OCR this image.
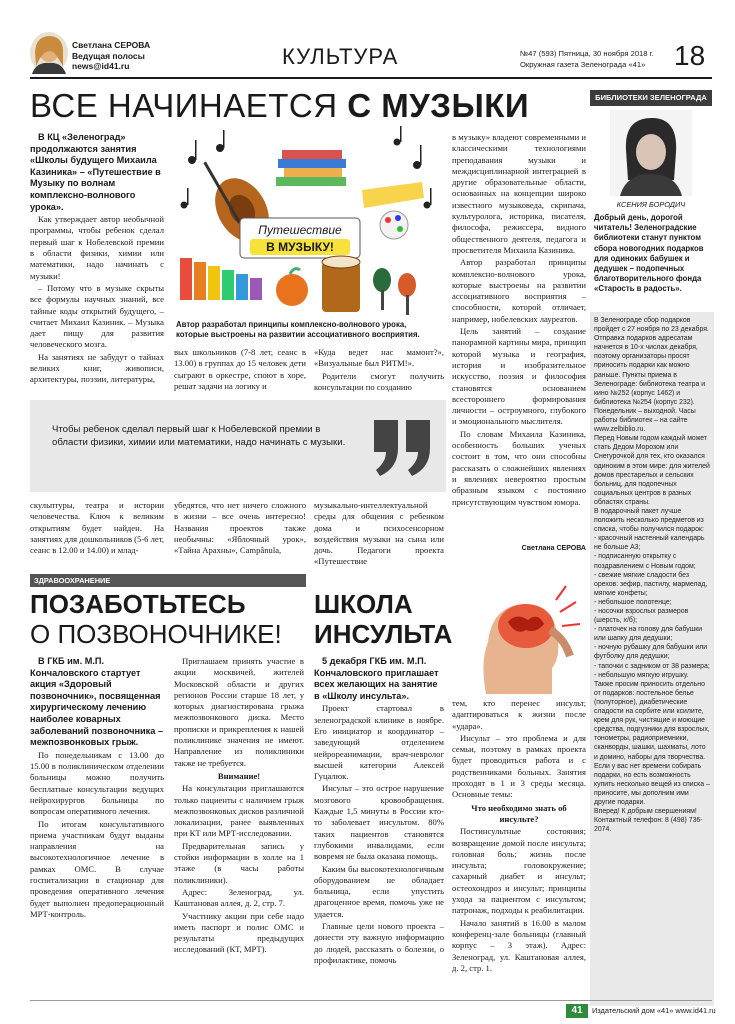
Светлана СЕРОВА
Ведущая полосы
news@id41.ru	КУЛЬТУРА	№47 (593) Пятница, 30 ноября 2018 г.
Окружная газета Зеленограда «41»	18
ВСЕ НАЧИНАЕТСЯ С МУЗЫКИ

В КЦ «Зеленоград» продолжаются занятия «Школы будущего Михаила Казиника» – «Путешествие в Музыку по волнам комплексно-волнового урока».

Как утверждает автор необычной программы, чтобы ребенок сделал первый шаг к Нобелевской премии в области физики, химии или математики, надо начинать с музыки!

– Потому что в музыке скрыты все формулы научных знаний, все тайные коды открытий будущего, – считает Михаил Казиник. – Музыка дает пищу для развития человеческого мозга.

На занятиях не забудут о тайнах великих книг, живописи, архитектуры, поэзии, литературы,

Путешествие
В МУЗЫКУ!
Автор разработал принципы комплексно-волнового урока, которые выстроены на развитии ассоциативного восприятия.
вых школьников (7-8 лет, сеанс в 13.00) в группах до 15 человек дети сыграют в оркестре, споют в хоре, решат задачи на логику и

«Куда ведет нас мамонт?», «Визуальные был РИТМ!».

Родители смогут получить консультации по созданию

в музыку» владеют современными и классическими технологиями преподавания музыки и междисциплинарной интеграцией в другие образовательные области, основанных на концепции широко известного музыковеда, скрипача, культуролога, историка, писателя, философа, режиссера, видного общественного деятеля, педагога и просветителя Михаила Казиника.

Автор разработал принципы комплексно-волнового урока, которые выстроены на развитии ассоциативного восприятия – способности, которой отличает, например, нобелевских лауреатов.

Цель занятий – создание панорамной картины мира, принцип которой музыка и география, история и изобразительное искусство, поэзия и философия становятся основанием всестороннего формирования личности – остроумного, глубокого и эмоционального мыслителя.

По словам Михаила Казиника, особенность больших ученых состоит в том, что они способны рассказать о сложнейших явлениях и явлениях невероятно простым образным языком с постоянно присутствующим чувством юмора.

Чтобы ребенок сделал первый шаг к Нобелевской премии в области физики, химии или математики, надо начинать с музыки.
скульптуры, театра и истории человечества. Ключ к великим открытиям будет найден. На занятиях для дошкольников (5-6 лет, сеанс в 12.00 и 14.00) и млад-
убедятся, что нет ничего сложного в жизни – все очень интересно! Названия проектов также необычны: «Яблочный урок», «Тайна Арахны», Campânula,
музыкально-интеллектуальной среды для общения с ребенком дома и психосенсорном воздействия музыки на сына или дочь. Педагоги проекта «Путешествие
Светлана СЕРОВА
БИБЛИОТЕКИ ЗЕЛЕНОГРАДА
КСЕНИЯ БОРОДИЧ
Добрый день, дорогой читатель! Зеленоградские библиотеки станут пунктом сбора новогодних подарков для одиноких бабушек и дедушек – подопечных благотворительного фонда «Старость в радость».
В Зеленограде сбор подарков пройдет с 27 ноября по 23 декабря. Отправка подарков адресатам начнется в 10-х числах декабря, поэтому организаторы просят приносить подарки как можно раньше. Пункты приема в Зеленограде: библиотека театра и кино №252 (корпус 1462) и библиотека №254 (корпус 232). Понедельник – выходной. Часы работы библиотек – на сайте www.zelbiblio.ru.
Перед Новым годом каждый может стать Дедом Морозом или Снегурочкой для тех, кто оказался одиноким в этом мире: для жителей домов престарелых и сельских больниц, для подопечных социальных центров в разных областях страны.
В подарочный пакет лучше положить несколько предметов из списка, чтобы получился подарок:
- красочный настенный календарь не больше А3;
- подписанную открытку с поздравлением с Новым годом;
- свежие мягкие сладости без орехов: зефир, пастилу, мармелад, мягкие конфеты;
- небольшое полотенце;
- носочки взрослых размеров (шерсть, х/б);
- платочек на голову для бабушки или шапку для дедушки;
- ночную рубашку для бабушки или футболку для дедушки;
- тапочки с задником от 38 размера;
- небольшую мягкую игрушку.
Также просим приносить отдельно от подарков: постельное белье (полуторное), диабетические сладости на сорбите или ксилите, крем для рук, чистящие и моющие средства, подгузники для взрослых, тонометры, радиоприемники, сканворды, шашки, шахматы, лото и домино, наборы для творчества.
Если у вас нет времени собирать подарки, но есть возможность купить несколько вещей из списка – приносите, мы дополним ими другие подарки.
Вперед! К добрым свершениям!
Контактный телефон: 8 (498) 736-2074.
ЗДРАВООХРАНЕНИЕ
ПОЗАБОТЬТЕСЬ
О ПОЗВОНОЧНИКЕ!

В ГКБ им. М.П. Кончаловского стартует акция «Здоровый позвоночник», посвященная хирургическому лечению наиболее коварных заболеваний позвоночника – межпозвонковых грыж.

По понедельникам с 13.00 до 15.00 в поликлиническом отделении больницы можно получить бесплатные консультации ведущих нейрохирургов больницы по вопросам оперативного лечения.

По итогам консультативного приема участникам будут выданы направления на высокотехнологичное лечение в рамках ОМС. В случае госпитализации в стационар для проведения оперативного лечения будет выполнен предоперационный МРТ-контроль.

Приглашаем принять участие в акции москвичей, жителей Московской области и других регионов России старше 18 лет, у которых диагностирована грыжа межпозвонкового диска. Место прописки и прикрепления к нашей поликлинике значения не имеют. Направление из поликлиники также не требуется.

Внимание!

На консультации приглашаются только пациенты с наличием грыж межпозвонковых дисков различной локализации, ранее выявленных при КТ или МРТ-исследовании.

Предварительная запись у стойки информации в холле на 1 этаже (в часы работы поликлиники).

Адрес: Зеленоград, ул. Каштановая аллея, д. 2, стр. 7.

Участнику акции при себе надо иметь паспорт и полис ОМС и результаты предыдущих исследований (КТ, МРТ).

ШКОЛА
ИНСУЛЬТА

5 декабря ГКБ им. М.П. Кончаловского приглашает всех желающих на занятие в «Школу инсульта».

Проект стартовал в зеленоградской клинике в ноябре. Его инициатор и координатор – заведующий отделением нейрореанимации, врач-невролог высшей категории Алексей Гуцалюк.

Инсульт – это острое нарушение мозгового кровообращения. Каждые 1,5 минуты в России кто-то заболевает инсультом. 80% таких пациентов становятся глубокими инвалидами, если вовремя не была оказана помощь.

Каким бы высокотехнологичным оборудованием не обладает больница, если упустить драгоценное время, помочь уже не удается.

Главные цели нового проекта – донести эту важную информацию до людей, рассказать о болезни, о профилактике, помочь

тем, кто перенес инсульт, адаптироваться к жизни после «удара».

Инсульт – это проблема и для семьи, поэтому в рамках проекта будет проводиться работа и с родственниками больных. Занятия проходят в 1 и 3 среды месяца. Основные темы:

Что необходимо знать об инсульте?

Постинсультные состояния; возвращение домой после инсульта; головная боль; жизнь после инсульта; головокружение; сахарный диабет и инсульт; остеохондроз и инсульт; принципы ухода за пациентом с инсультом; патронаж, подходы к реабилитации.

Начало занятий в 16.00 в малом конференц-зале больницы (главный корпус – 3 этаж). Адрес: Зеленоград, ул. Каштановая аллея, д. 2, стр. 1.

41	Издательский дом «41» www.id41.ru
